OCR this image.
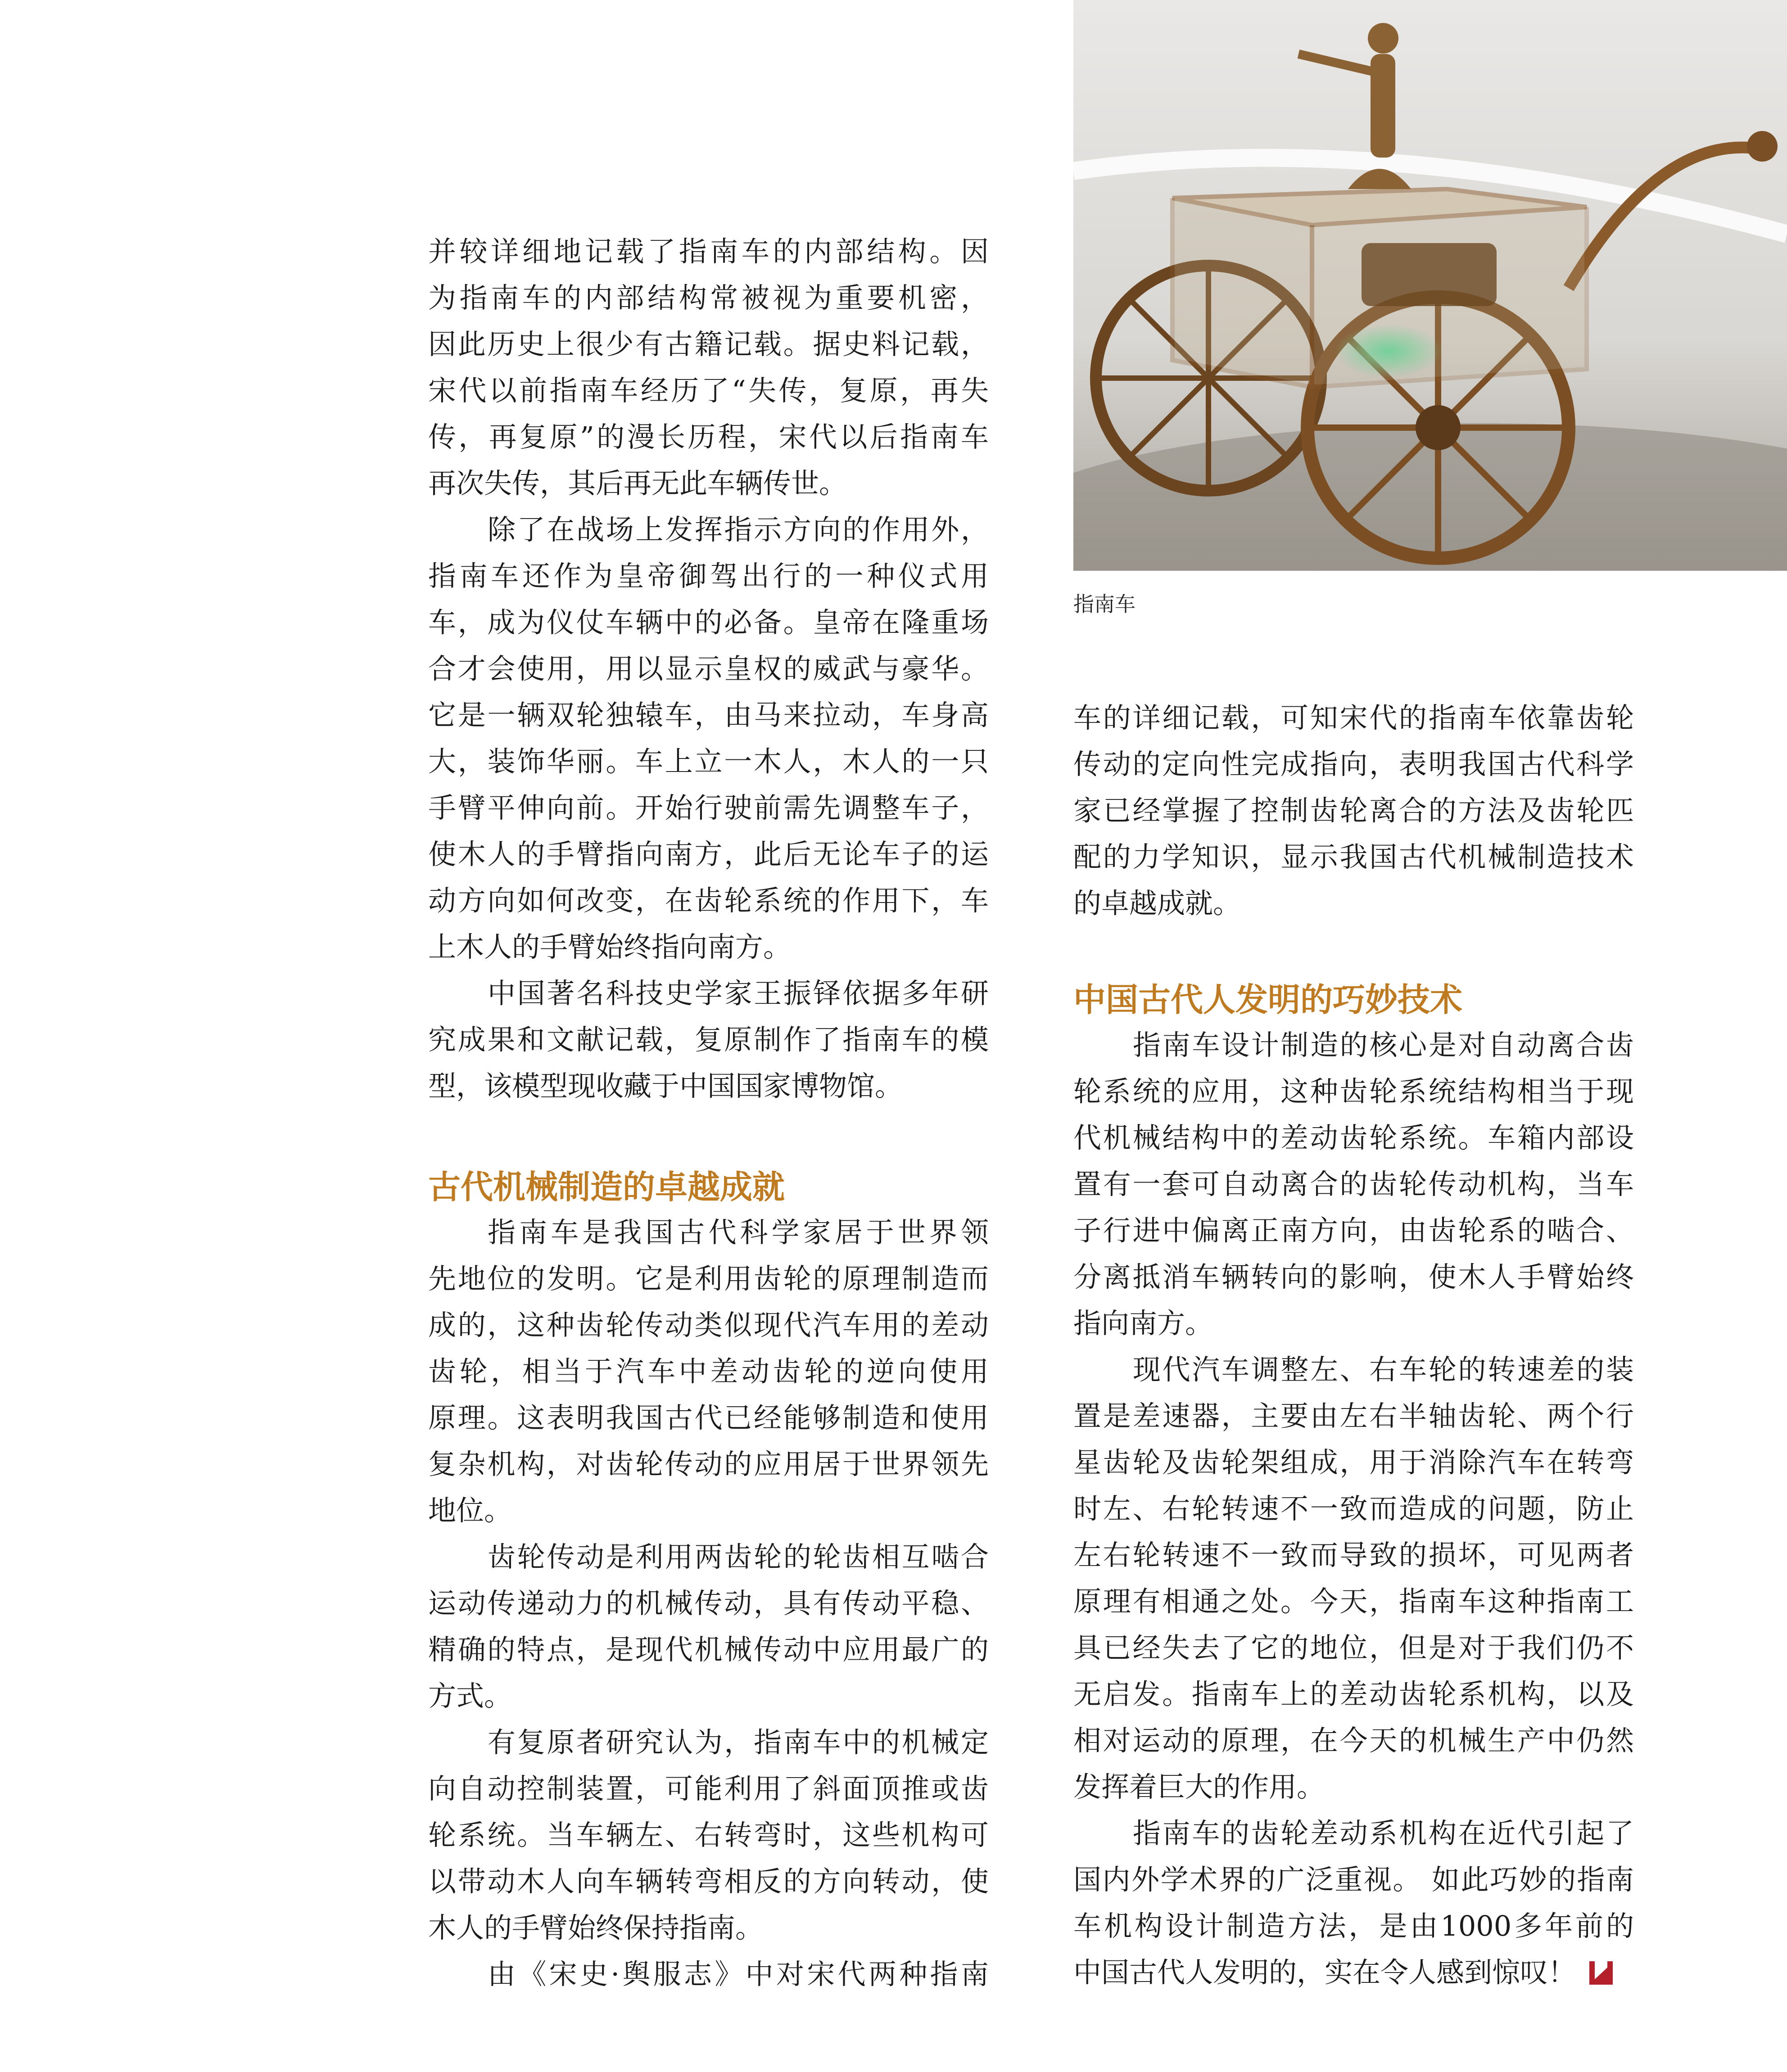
指南车
并较详细地记载了指南车的内部结构。因
为指南车的内部结构常被视为重要机密，
因此历史上很少有古籍记载。据史料记载，
宋代以前指南车经历了“失传，复原，再失
传，再复原”的漫长历程，宋代以后指南车
再次失传，其后再无此车辆传世。
除了在战场上发挥指示方向的作用外，
指南车还作为皇帝御驾出行的一种仪式用
车，成为仪仗车辆中的必备。皇帝在隆重场
合才会使用，用以显示皇权的威武与豪华。
它是一辆双轮独辕车，由马来拉动，车身高
大，装饰华丽。车上立一木人，木人的一只
手臂平伸向前。开始行驶前需先调整车子，
使木人的手臂指向南方，此后无论车子的运
动方向如何改变，在齿轮系统的作用下，车
上木人的手臂始终指向南方。
中国著名科技史学家王振铎依据多年研
究成果和文献记载，复原制作了指南车的模
型，该模型现收藏于中国国家博物馆。
古代机械制造的卓越成就
指南车是我国古代科学家居于世界领
先地位的发明。它是利用齿轮的原理制造而
成的，这种齿轮传动类似现代汽车用的差动
齿轮，相当于汽车中差动齿轮的逆向使用
原理。这表明我国古代已经能够制造和使用
复杂机构，对齿轮传动的应用居于世界领先
地位。
齿轮传动是利用两齿轮的轮齿相互啮合
运动传递动力的机械传动，具有传动平稳、
精确的特点，是现代机械传动中应用最广的
方式。
有复原者研究认为，指南车中的机械定
向自动控制装置，可能利用了斜面顶推或齿
轮系统。当车辆左、右转弯时，这些机构可
以带动木人向车辆转弯相反的方向转动，使
木人的手臂始终保持指南。
由《宋史·舆服志》中对宋代两种指南
车的详细记载，可知宋代的指南车依靠齿轮
传动的定向性完成指向，表明我国古代科学
家已经掌握了控制齿轮离合的方法及齿轮匹
配的力学知识，显示我国古代机械制造技术
的卓越成就。
中国古代人发明的巧妙技术
指南车设计制造的核心是对自动离合齿
轮系统的应用，这种齿轮系统结构相当于现
代机械结构中的差动齿轮系统。车箱内部设
置有一套可自动离合的齿轮传动机构，当车
子行进中偏离正南方向，由齿轮系的啮合、
分离抵消车辆转向的影响，使木人手臂始终
指向南方。
现代汽车调整左、右车轮的转速差的装
置是差速器，主要由左右半轴齿轮、两个行
星齿轮及齿轮架组成，用于消除汽车在转弯
时左、右轮转速不一致而造成的问题，防止
左右轮转速不一致而导致的损坏，可见两者
原理有相通之处。今天，指南车这种指南工
具已经失去了它的地位，但是对于我们仍不
无启发。指南车上的差动齿轮系机构，以及
相对运动的原理，在今天的机械生产中仍然
发挥着巨大的作用。
指南车的齿轮差动系机构在近代引起了
国内外学术界的广泛重视。 如此巧妙的指南
车机构设计制造方法，是由1000多年前的
中国古代人发明的，实在令人感到惊叹！
